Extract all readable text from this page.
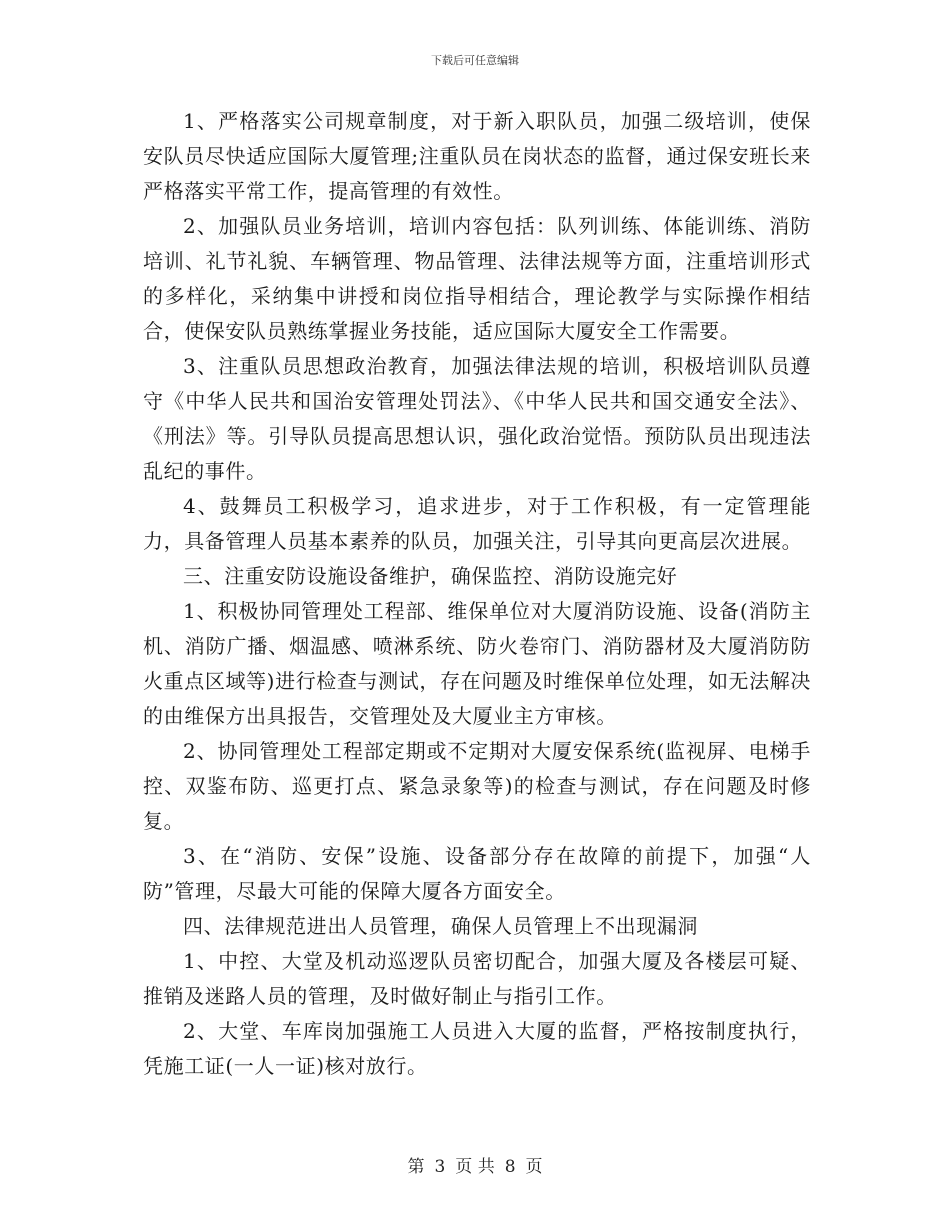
下载后可任意编辑

1、严格落实公司规章制度，对于新入职队员，加强二级培训，使保安队员尽快适应国际大厦管理;注重队员在岗状态的监督，通过保安班长来严格落实平常工作，提高管理的有效性。

2、加强队员业务培训，培训内容包括：队列训练、体能训练、消防培训、礼节礼貌、车辆管理、物品管理、法律法规等方面，注重培训形式的多样化，采纳集中讲授和岗位指导相结合，理论教学与实际操作相结合，使保安队员熟练掌握业务技能，适应国际大厦安全工作需要。

3、注重队员思想政治教育，加强法律法规的培训，积极培训队员遵守《中华人民共和国治安管理处罚法》、《中华人民共和国交通安全法》、《刑法》等。引导队员提高思想认识，强化政治觉悟。预防队员出现违法乱纪的事件。

4、鼓舞员工积极学习，追求进步，对于工作积极，有一定管理能力，具备管理人员基本素养的队员，加强关注，引导其向更高层次进展。

三、注重安防设施设备维护，确保监控、消防设施完好

1、积极协同管理处工程部、维保单位对大厦消防设施、设备(消防主机、消防广播、烟温感、喷淋系统、防火卷帘门、消防器材及大厦消防防火重点区域等)进行检查与测试，存在问题及时维保单位处理，如无法解决的由维保方出具报告，交管理处及大厦业主方审核。

2、协同管理处工程部定期或不定期对大厦安保系统(监视屏、电梯手控、双鉴布防、巡更打点、紧急录象等)的检查与测试，存在问题及时修复。

3、在“消防、安保”设施、设备部分存在故障的前提下，加强“人防”管理，尽最大可能的保障大厦各方面安全。

四、法律规范进出人员管理，确保人员管理上不出现漏洞

1、中控、大堂及机动巡逻队员密切配合，加强大厦及各楼层可疑、推销及迷路人员的管理，及时做好制止与指引工作。

2、大堂、车库岗加强施工人员进入大厦的监督，严格按制度执行，凭施工证(一人一证)核对放行。

第 3 页 共 8 页
